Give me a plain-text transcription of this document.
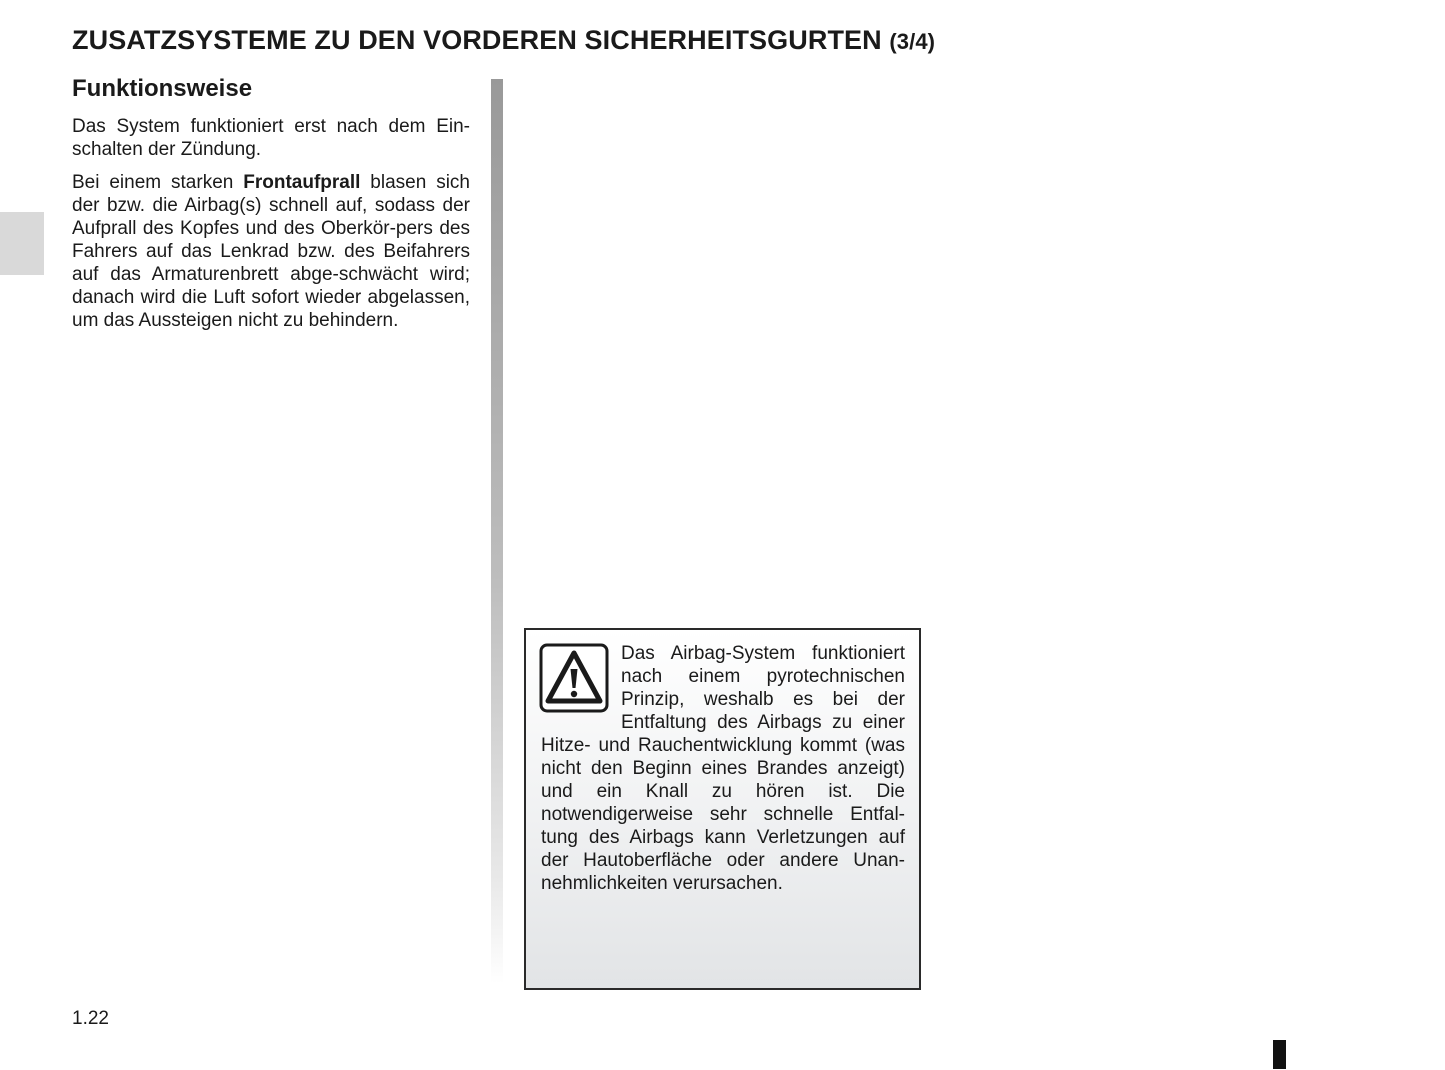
ZUSATZSYSTEME ZU DEN VORDEREN SICHERHEITSGURTEN (3/4)
Funktionsweise

Das System funktioniert erst nach dem Ein-schalten der Zündung.

Bei einem starken Frontaufprall blasen sich der bzw. die Airbag(s) schnell auf, sodass der Aufprall des Kopfes und des Oberkör-pers des Fahrers auf das Lenkrad bzw. des Beifahrers auf das Armaturenbrett abge-schwächt wird; danach wird die Luft sofort wieder abgelassen, um das Aussteigen nicht zu behindern.

Das Airbag-System funktioniert nach einem pyrotechnischen Prinzip, weshalb es bei der Entfaltung des Airbags zu einer Hitze- und Rauchentwicklung kommt (was nicht den Beginn eines Brandes anzeigt) und ein Knall zu hören ist. Die notwendigerweise sehr schnelle Entfal-tung des Airbags kann Verletzungen auf der Hautoberfläche oder andere Unan-nehmlichkeiten verursachen.

1.22
